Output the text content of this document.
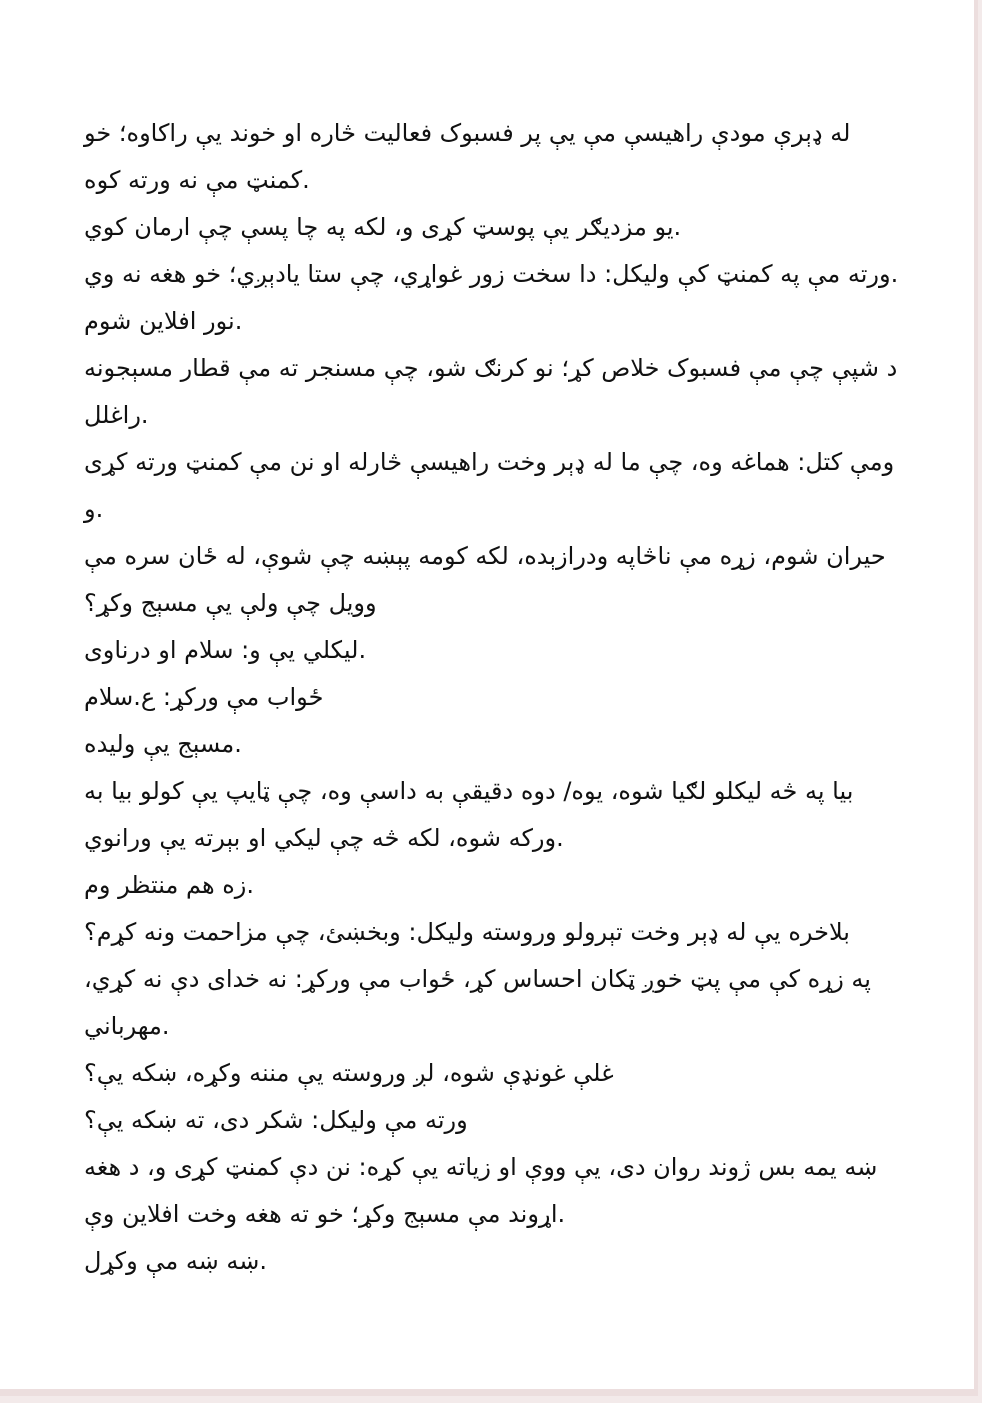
له ډېرې مودې راهيسې مې يې پر فسبوک فعاليت څاره او خوند يې راکاوه؛ خو
.کمنټ مې نه ورته کوه
.يو مزديګر يې پوسټ کړی و، لکه په چا پسې چې ارمان کوي
.ورته مې په کمنټ کې وليکل: دا سخت زور غواړي، چې ستا يادېږي؛ خو هغه نه وي
.نور افلاين شوم
د شپې چې مې فسبوک خلاص کړ؛ نو کرنګ شو، چې مسنجر ته مې قطار مسېجونه
.راغلل
ومې کتل: هماغه وه، چې ما له ډېر وخت راهيسې څارله او نن مې کمنټ ورته کړی
.و
حيران شوم، زړه مې ناڅاپه ودرازېده، لکه کومه پېښه چې شوې، له ځان سره مې
وويل چې ولې يې مسېج وکړ؟
.ليکلي يې و: سلام او درناوی
ځواب مې ورکړ: ع.سلام
.مسېج يې وليده
بيا په څه ليکلو لګيا شوه، يوه/ دوه دقيقې به داسې وه، چې ټايپ يې کولو بيا به
.ورکه شوه، لکه څه چې ليکي او بېرته يې ورانوي
.زه هم منتظر وم
بلاخره يې له ډېر وخت تېرولو وروسته وليکل: وبخښئ، چې مزاحمت ونه کړم؟
په زړه کې مې پټ خوږ ټکان احساس کړ، ځواب مې ورکړ: نه خدای دې نه کړي،
.مهرباني
غلې غونډې شوه، لږ وروسته يې مننه وکړه، ښکه يې؟
ورته مې وليکل: شکر دی، ته ښکه يې؟
ښه يمه بس ژوند روان دی، يې ووې او زياته يې کړه: نن دې کمنټ کړی و، د هغه
.اړوند مې مسېج وکړ؛ خو ته هغه وخت افلاين وې
.ښه ښه مې وکړل
